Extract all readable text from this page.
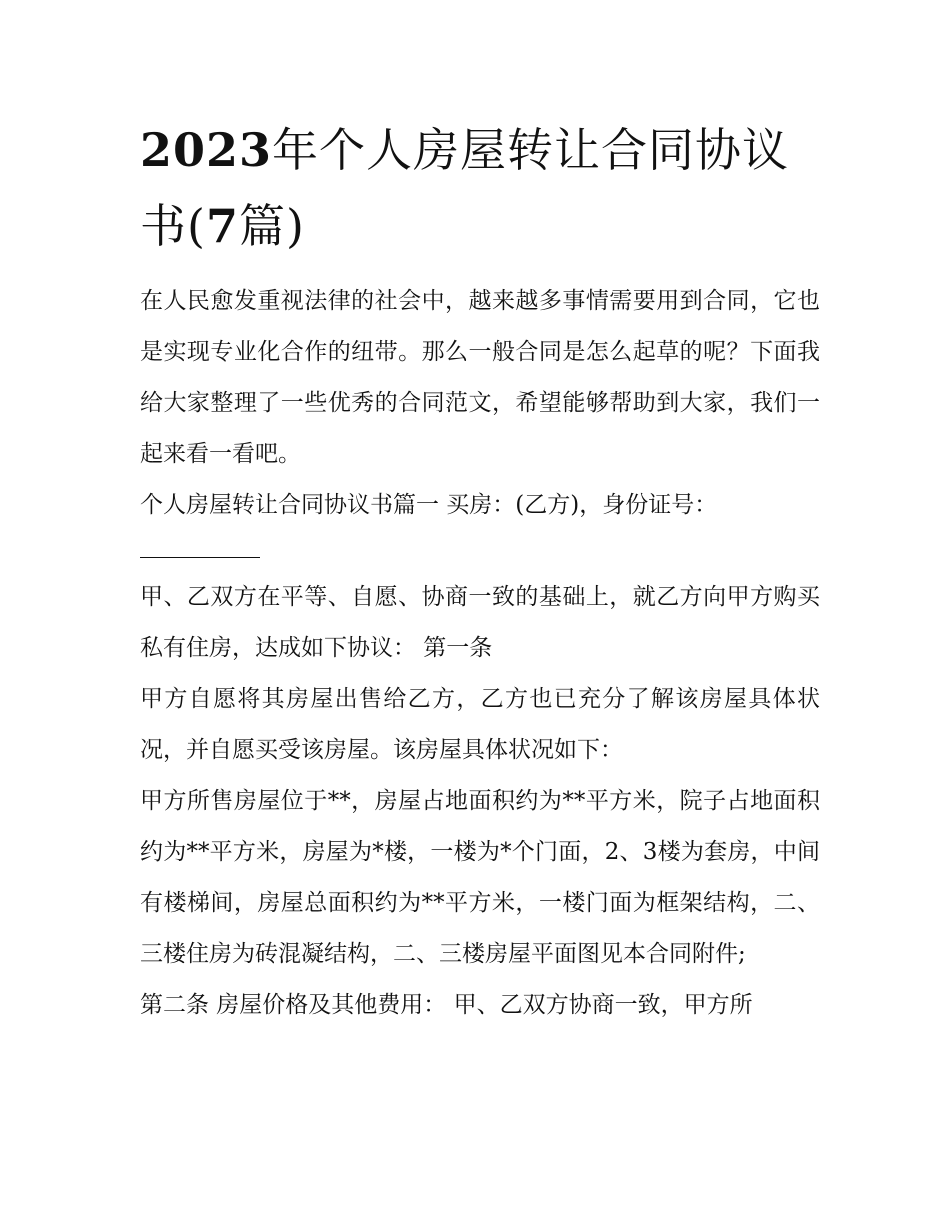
2023年个人房屋转让合同协议书(7篇)

在人民愈发重视法律的社会中，越来越多事情需要用到合同，它也是实现专业化合作的纽带。那么一般合同是怎么起草的呢？下面我给大家整理了一些优秀的合同范文，希望能够帮助到大家，我们一起来看一看吧。

个人房屋转让合同协议书篇一 买房：(乙方)，身份证号：

甲、乙双方在平等、自愿、协商一致的基础上，就乙方向甲方购买私有住房，达成如下协议： 第一条

甲方自愿将其房屋出售给乙方，乙方也已充分了解该房屋具体状况，并自愿买受该房屋。该房屋具体状况如下：

甲方所售房屋位于**，房屋占地面积约为**平方米，院子占地面积约为**平方米，房屋为*楼，一楼为*个门面，2、3楼为套房，中间有楼梯间，房屋总面积约为**平方米，一楼门面为框架结构，二、三楼住房为砖混凝结构，二、三楼房屋平面图见本合同附件;

第二条 房屋价格及其他费用： 甲、乙双方协商一致，甲方所
